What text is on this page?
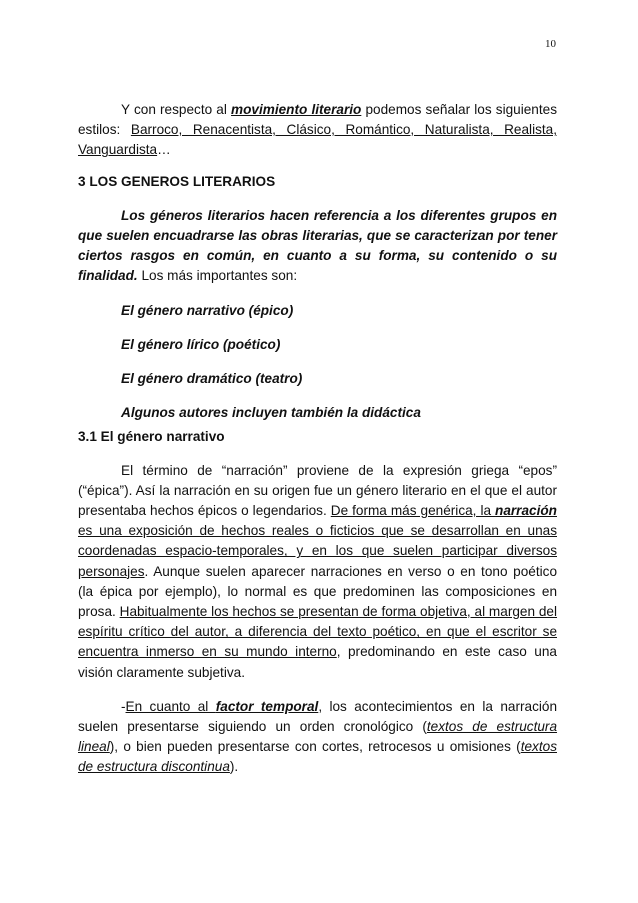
10

Y con respecto al movimiento literario podemos señalar los siguientes estilos: Barroco, Renacentista, Clásico, Romántico, Naturalista, Realista, Vanguardista…

3 LOS GENEROS LITERARIOS

Los géneros literarios hacen referencia a los diferentes grupos en que suelen encuadrarse las obras literarias, que se caracterizan por tener ciertos rasgos en común, en cuanto a su forma, su contenido o su finalidad. Los más importantes son:

El género narrativo (épico)

El género lírico (poético)

El género dramático (teatro)

Algunos autores incluyen también la didáctica

3.1 El género narrativo

El término de “narración” proviene de la expresión griega “epos” (“épica”). Así la narración en su origen fue un género literario en el que el autor presentaba hechos épicos o legendarios. De forma más genérica, la narración es una exposición de hechos reales o ficticios que se desarrollan en unas coordenadas espacio-temporales, y en los que suelen participar diversos personajes. Aunque suelen aparecer narraciones en verso o en tono poético (la épica por ejemplo), lo normal es que predominen las composiciones en prosa. Habitualmente los hechos se presentan de forma objetiva, al margen del espíritu crítico del autor, a diferencia del texto poético, en que el escritor se encuentra inmerso en su mundo interno, predominando en este caso una visión claramente subjetiva.

-En cuanto al factor temporal, los acontecimientos en la narración suelen presentarse siguiendo un orden cronológico (textos de estructura lineal), o bien pueden presentarse con cortes, retrocesos u omisiones (textos de estructura discontinua).
